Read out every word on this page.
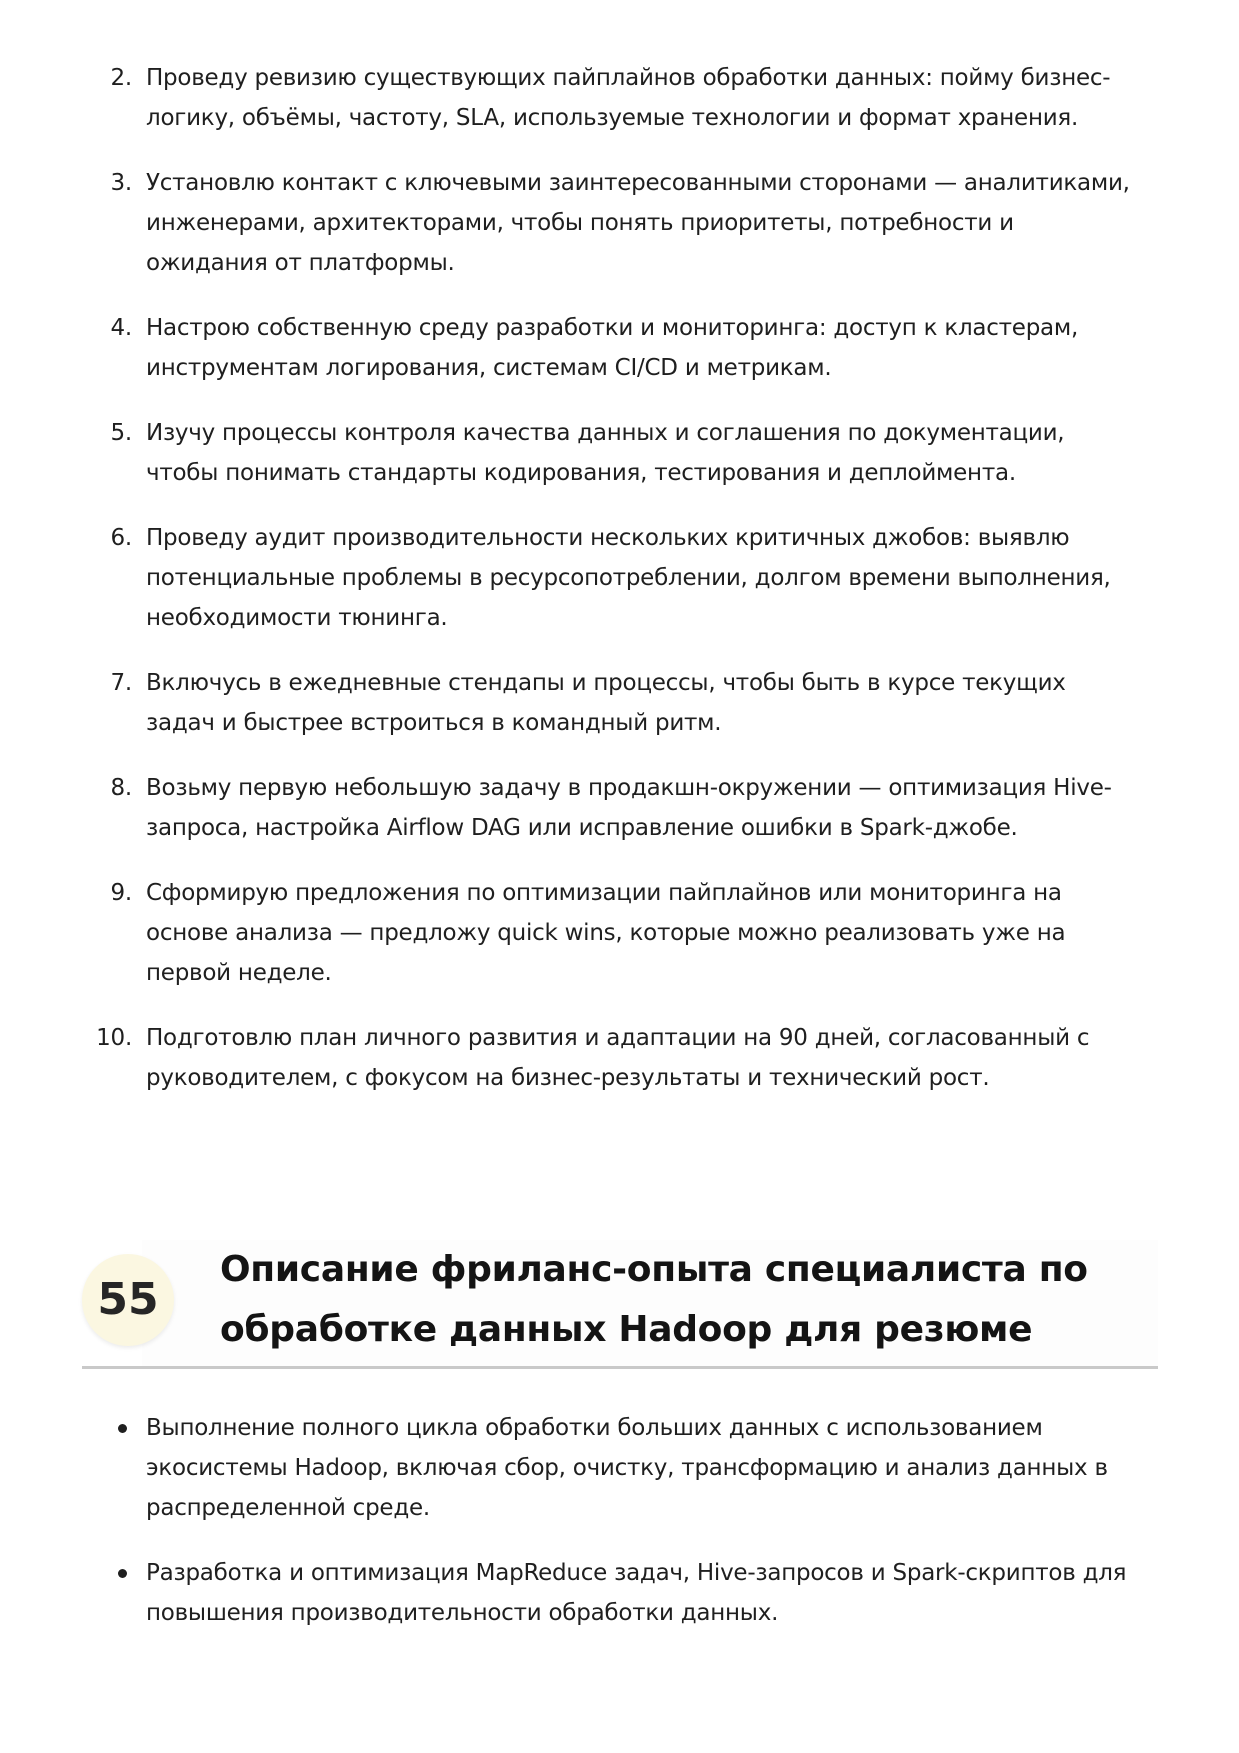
2. Проведу ревизию существующих пайплайнов обработки данных: пойму бизнес-логику, объёмы, частоту, SLA, используемые технологии и формат хранения.
3. Установлю контакт с ключевыми заинтересованными сторонами — аналитиками, инженерами, архитекторами, чтобы понять приоритеты, потребности и ожидания от платформы.
4. Настрою собственную среду разработки и мониторинга: доступ к кластерам, инструментам логирования, системам CI/CD и метрикам.
5. Изучу процессы контроля качества данных и соглашения по документации, чтобы понимать стандарты кодирования, тестирования и деплоймента.
6. Проведу аудит производительности нескольких критичных джобов: выявлю потенциальные проблемы в ресурсопотреблении, долгом времени выполнения, необходимости тюнинга.
7. Включусь в ежедневные стендапы и процессы, чтобы быть в курсе текущих задач и быстрее встроиться в командный ритм.
8. Возьму первую небольшую задачу в продакшн-окружении — оптимизация Hive-запроса, настройка Airflow DAG или исправление ошибки в Spark-джобе.
9. Сформирую предложения по оптимизации пайплайнов или мониторинга на основе анализа — предложу quick wins, которые можно реализовать уже на первой неделе.
10. Подготовлю план личного развития и адаптации на 90 дней, согласованный с руководителем, с фокусом на бизнес-результаты и технический рост.
55
Описание фриланс-опыта специалиста по обработке данных Hadoop для резюме
Выполнение полного цикла обработки больших данных с использованием экосистемы Hadoop, включая сбор, очистку, трансформацию и анализ данных в распределенной среде.
Разработка и оптимизация MapReduce задач, Hive-запросов и Spark-скриптов для повышения производительности обработки данных.
